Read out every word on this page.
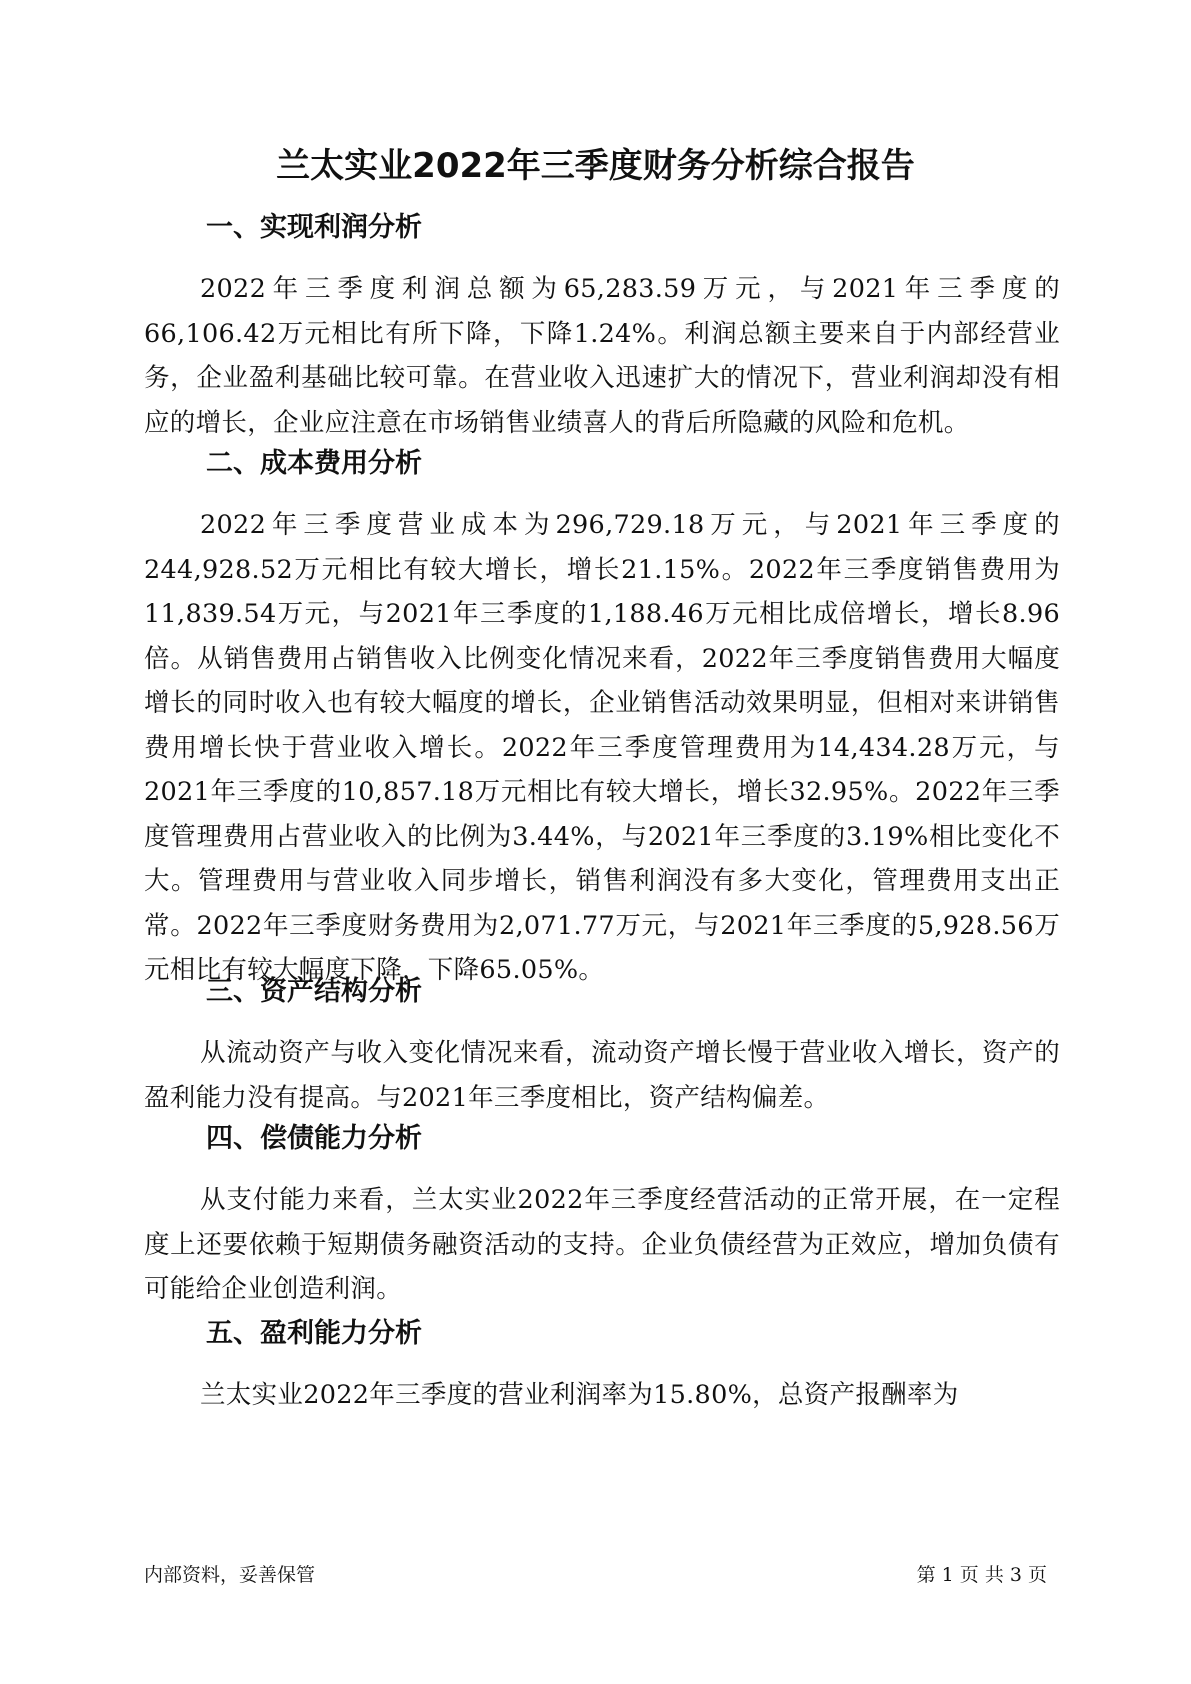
兰太实业2022年三季度财务分析综合报告
一、实现利润分析

2022年三季度利润总额为65,283.59万元，与2021年三季度的66,106.42万元相比有所下降，下降1.24%。利润总额主要来自于内部经营业务，企业盈利基础比较可靠。在营业收入迅速扩大的情况下，营业利润却没有相应的增长，企业应注意在市场销售业绩喜人的背后所隐藏的风险和危机。

二、成本费用分析

2022年三季度营业成本为296,729.18万元，与2021年三季度的244,928.52万元相比有较大增长，增长21.15%。2022年三季度销售费用为11,839.54万元，与2021年三季度的1,188.46万元相比成倍增长，增长8.96倍。从销售费用占销售收入比例变化情况来看，2022年三季度销售费用大幅度增长的同时收入也有较大幅度的增长，企业销售活动效果明显，但相对来讲销售费用增长快于营业收入增长。2022年三季度管理费用为14,434.28万元，与2021年三季度的10,857.18万元相比有较大增长，增长32.95%。2022年三季度管理费用占营业收入的比例为3.44%，与2021年三季度的3.19%相比变化不大。管理费用与营业收入同步增长，销售利润没有多大变化，管理费用支出正常。2022年三季度财务费用为2,071.77万元，与2021年三季度的5,928.56万元相比有较大幅度下降，下降65.05%。

三、资产结构分析

从流动资产与收入变化情况来看，流动资产增长慢于营业收入增长，资产的盈利能力没有提高。与2021年三季度相比，资产结构偏差。

四、偿债能力分析

从支付能力来看，兰太实业2022年三季度经营活动的正常开展，在一定程度上还要依赖于短期债务融资活动的支持。企业负债经营为正效应，增加负债有可能给企业创造利润。

五、盈利能力分析

兰太实业2022年三季度的营业利润率为15.80%，总资产报酬率为

内部资料，妥善保管	第 1 页 共 3 页
